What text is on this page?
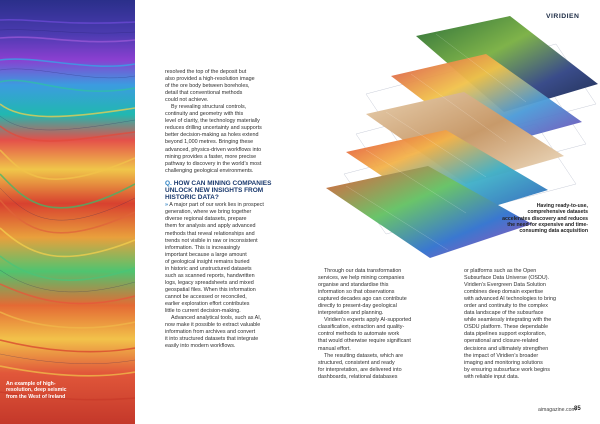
An example of high-
resolution, deep seismic
from the West of Ireland

resolved the top of the deposit but
also provided a high-resolution image
of the ore body between boreholes,
detail that conventional methods
could not achieve.

By revealing structural controls,

continuity and geometry with this
level of clarity, the technology materially
reduces drilling uncertainty and supports
better decision-making as holes extend
beyond 1,000 metres. Bringing these
advanced, physics-driven workflows into
mining provides a faster, more precise
pathway to discovery in the world’s most
challenging geological environments.

Q. HOW CAN MINING COMPANIES
UNLOCK NEW INSIGHTS FROM
HISTORIC DATA?

» A major part of our work lies in prospect
generation, where we bring together
diverse regional datasets, prepare
them for analysis and apply advanced
methods that reveal relationships and
trends not visible in raw or inconsistent
information. This is increasingly
important because a large amount
of geological insight remains buried
in historic and unstructured datasets
such as scanned reports, handwritten
logs, legacy spreadsheets and mixed
geospatial files. When this information
cannot be accessed or reconciled,
earlier exploration effort contributes
little to current decision-making.

Advanced analytical tools, such as AI,

now make it possible to extract valuable
information from archives and convert
it into structured datasets that integrate
easily into modern workflows.

Through our data transformation

services, we help mining companies
organise and standardise this
information so that observations
captured decades ago can contribute
directly to present-day geological
interpretation and planning.

Viridien’s experts apply AI-supported

classification, extraction and quality-
control methods to automate work
that would otherwise require significant
manual effort.

The resulting datasets, which are

structured, consistent and ready
for interpretation, are delivered into
dashboards, relational databases

or platforms such as the Open
Subsurface Data Universe (OSDU).
Viridien’s Evergreen Data Solution
combines deep domain expertise
with advanced AI technologies to bring
order and continuity to the complex
data landscape of the subsurface
while seamlessly integrating with the
OSDU platform. These dependable
data pipelines support exploration,
operational and closure-related
decisions and ultimately strengthen
the impact of Viridien’s broader
imaging and monitoring solutions
by ensuring subsurface work begins
with reliable input data.

VIRIDIEN
Having ready-to-use,
comprehensive datasets
accelerates discovery and reduces
the need for expensive and time-
consuming data acquisition
aimagazine.com
85
